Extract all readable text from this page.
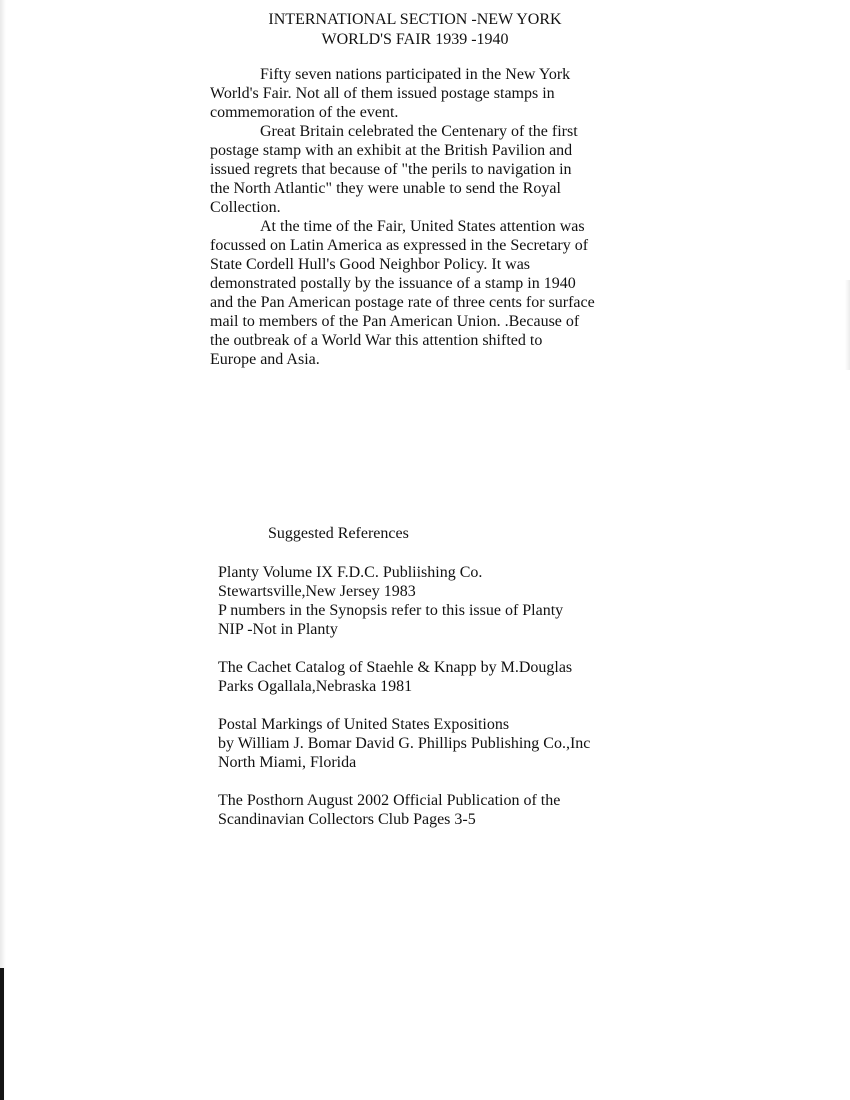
INTERNATIONAL SECTION -NEW YORK
WORLD'S FAIR 1939 -1940
Fifty seven nations participated in the New York
World's Fair. Not all of them issued postage stamps in
commemoration of the event.
Great Britain celebrated the Centenary of the first
postage stamp with an exhibit at the British Pavilion and
issued regrets that because of "the perils to navigation in
the North Atlantic" they were unable to send the Royal
Collection.
At the time of the Fair, United States attention was
focussed on Latin America as expressed in the Secretary of
State Cordell Hull's Good Neighbor Policy. It was
demonstrated postally by the issuance of a stamp in 1940
and the Pan American postage rate of three cents for surface
mail to members of the Pan American Union. .Because of
the outbreak of a World War this attention shifted to
Europe and Asia.
Suggested References
Planty Volume IX F.D.C. Publiishing Co.
Stewartsville,New Jersey 1983
P numbers in the Synopsis refer to this issue of Planty
NIP -Not in Planty
The Cachet Catalog of Staehle & Knapp by M.Douglas
Parks Ogallala,Nebraska 1981
Postal Markings of United States Expositions
by William J. Bomar David G. Phillips Publishing Co.,Inc
North Miami, Florida
The Posthorn August 2002 Official Publication of the
Scandinavian Collectors Club Pages 3-5
